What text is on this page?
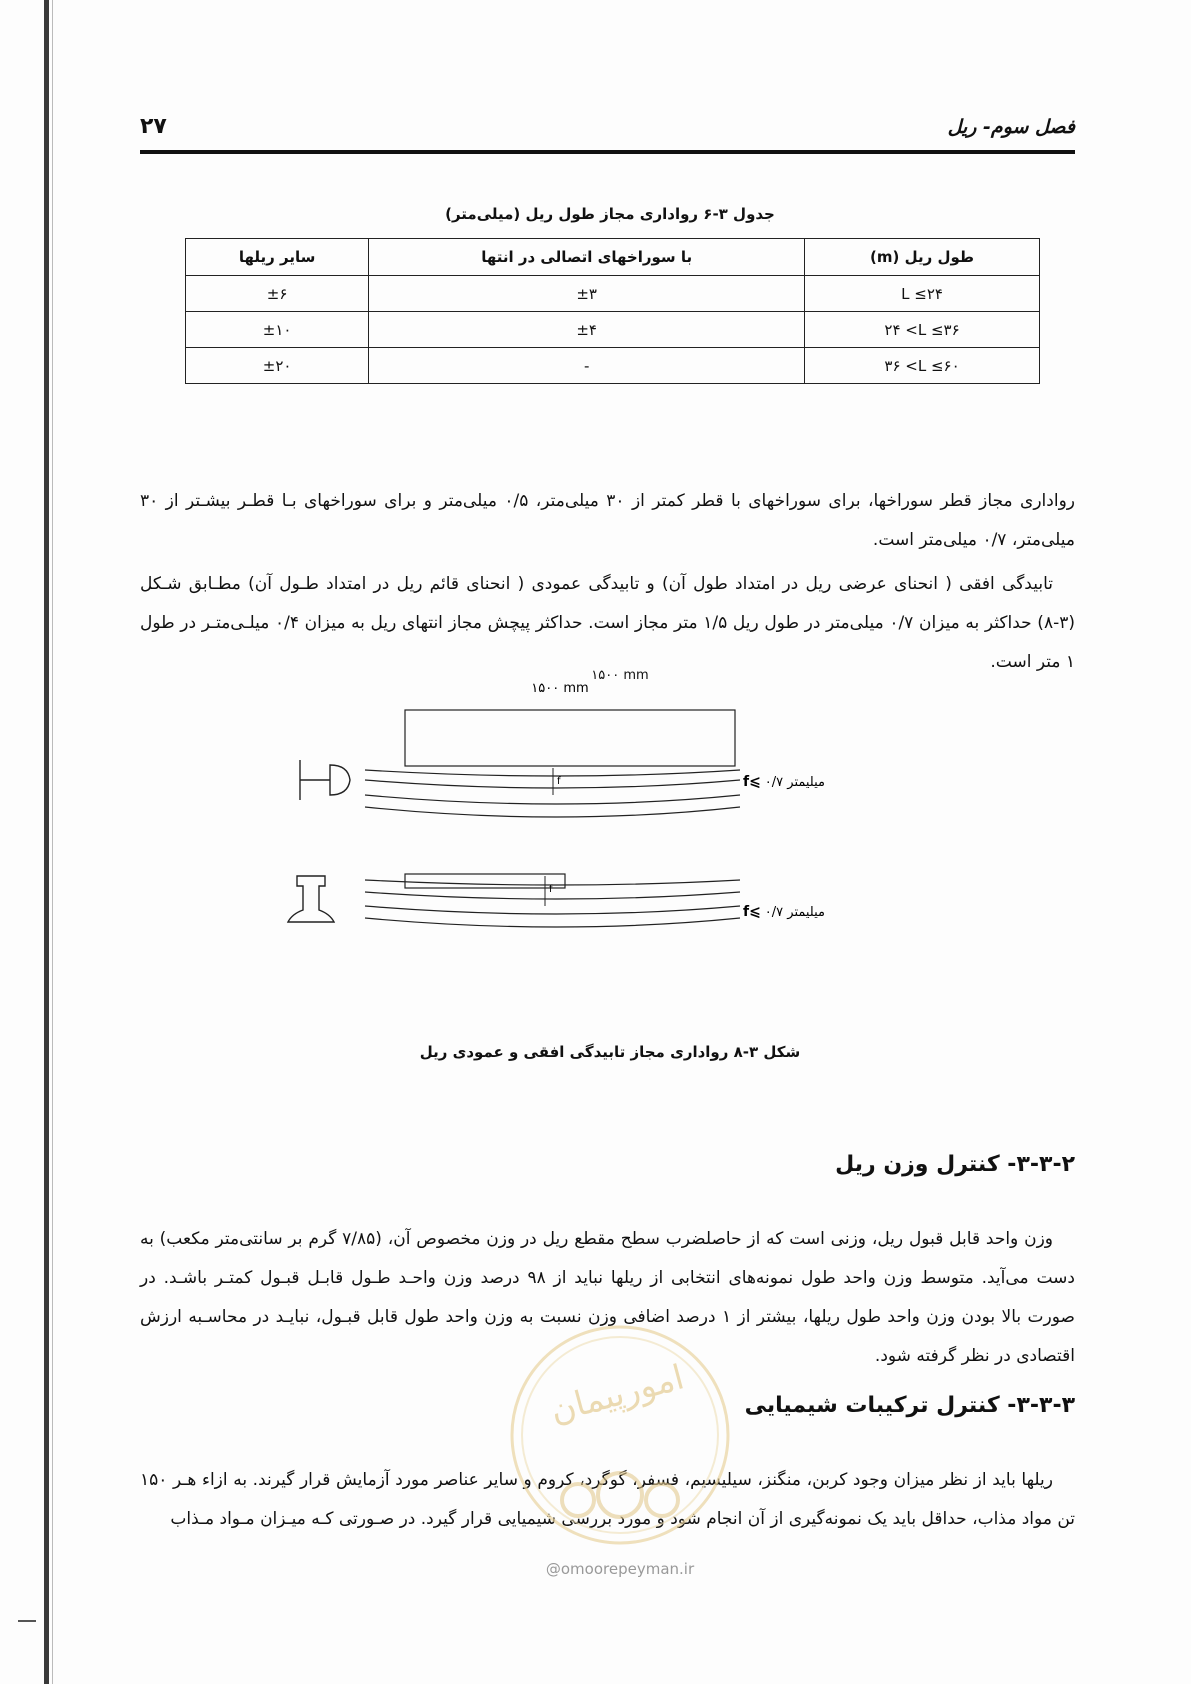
فصل سوم- ریل
۲۷
جدول ۳-۶ رواداری مجاز طول ریل (میلی‌متر)
طول ریل (m)	با سوراخهای اتصالی در انتها	سایر ریلها
L ≤۲۴	±۳	±۶
۲۴ <L ≤۳۶	±۴	±۱۰
۳۶ <L ≤۶۰	-	±۲۰

رواداری مجاز قطر سوراخها، برای سوراخهای با قطر کمتر از ۳۰ میلی‌متر، ۰/۵ میلی‌متر و برای سوراخهای بـا قطـر بیشـتر از ۳۰ میلی‌متر، ۰/۷ میلی‌متر است.

تابیدگی افقی ( انحنای عرضی ریل در امتداد طول آن) و تابیدگی عمودی ( انحنای قائم ریل در امتداد طـول آن) مطـابق شـکل (۳-۸) حداکثر به میزان ۰/۷ میلی‌متر در طول ریل ۱/۵ متر مجاز است. حداکثر پیچش مجاز انتهای ریل به میزان ۰/۴ میلـی‌متـر در طول ۱ متر است.

۱۵۰۰ mm
f	۰/۷ میلیمتر
f⩽
f
۰/۷ میلیمتر
f⩽
۱۵۰۰ mm
شکل ۳-۸ رواداری مجاز تابیدگی افقی و عمودی ریل
۳-۳-۲- کنترل وزن ریل

وزن واحد قابل قبول ریل، وزنی است که از حاصلضرب سطح مقطع ریل در وزن مخصوص آن، (۷/۸۵ گرم بر سانتی‌متر مکعب) به دست می‌آید. متوسط وزن واحد طول نمونه‌های انتخابی از ریلها نباید از ۹۸ درصد وزن واحـد طـول قابـل قبـول کمتـر باشـد. در صورت بالا بودن وزن واحد طول ریلها، بیشتر از ۱ درصد اضافی وزن نسبت به وزن واحد طول قابل قبـول، نبایـد در محاسـبه ارزش اقتصادی در نظر گرفته شود.

۳-۳-۳- کنترل ترکیبات شیمیایی

ریلها باید از نظر میزان وجود کربن، منگنز، سیلیسیم، فسفر، گوگرد، کروم و سایر عناصر مورد آزمایش قرار گیرند. به ازاء هـر ۱۵۰ تن مواد مذاب، حداقل باید یک نمونه‌گیری از آن انجام شود و مورد بررسی شیمیایی قرار گیرد. در صـورتی کـه میـزان مـواد مـذاب

امورپیمان
@omoorepeyman.ir
